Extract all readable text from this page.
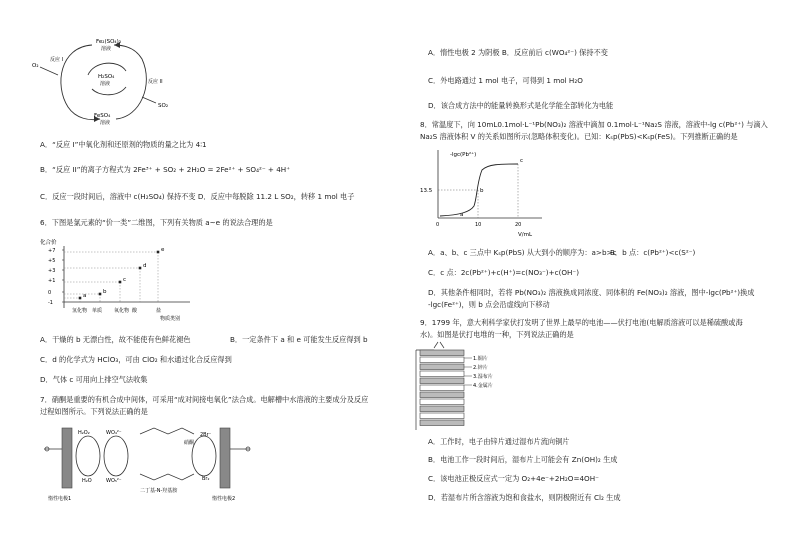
Fe₂(SO₄)₃
溶液
H₂SO₄
溶液
FeSO₄
溶液
O₂
SO₂
反应 I
反应 II
A．“反应 I”中氧化剂和还原剂的物质的量之比为 4∶1
B．“反应 II”的离子方程式为 2Fe³⁺ + SO₂ + 2H₂O = 2Fe²⁺ + SO₄²⁻ + 4H⁺
C．反应一段时间后，溶液中 c(H₂SO₄) 保持不变 D．反应中每脱除 11.2 L SO₂，转移 1 mol 电子
6．下图是氯元素的“价一类”二维图，下列有关物质 a~e 的说法合理的是
化合价
+7
+5
+3
+1
0
-1
a
b
c
d
e
氢化物 单质 氧化物 酸	盐
物质类别
A．干燥的 b 无漂白性，故不能使有色鲜花褪色	B．一定条件下 a 和 e 可能发生反应得到 b
C．d 的化学式为 HClO₃，可由 ClO₂ 和水通过化合反应得到
D．气体 c 可用向上排空气法收集
7．硝酮是重要的有机合成中间体，可采用“成对间接电氧化”法合成。电解槽中水溶液的主要成分及反应
过程如图所示。下列说法正确的是
H₂O₂
H₂O
WO₄²⁻
WO₅²⁻
硝酮
二丁基-N-羟基胺
2Br⁻
Br₂
惰性电极1	惰性电极2
A．惰性电极 2 为阴极 B．反应前后 c(WO₄²⁻) 保持不变
C．外电路通过 1 mol 电子，可得到 1 mol H₂O
D．该合成方法中的能量转换形式是化学能全部转化为电能
8．常温度下，向 10mL0.1mol·L⁻¹Pb(NO₃)₂ 溶液中滴加 0.1mol·L⁻¹Na₂S 溶液，溶液中-lg c(Pb²⁺) 与滴入
Na₂S 溶液体积 V 的关系如图所示(忽略体积变化)。已知：Kₛp(PbS)<Kₛp(FeS)。下列推断正确的是
-lgc(Pb²⁺)
13.5
a
b
c
0	10	20
V/mL
A．a、b、c 三点中 Kₛp(PbS) 从大到小的顺序为：a>b>c
B．b 点：c(Pb²⁺)<c(S²⁻)
C．c 点：2c(Pb²⁺)+c(H⁺)=c(NO₃⁻)+c(OH⁻)
D．其他条件相同时，若将 Pb(NO₃)₂ 溶液换成同浓度、同体积的 Fe(NO₃)₂ 溶液，图中-lgc(Pb²⁺)换成
-lgc(Fe²⁺)，则 b 点会沿虚线向下移动
9．1799 年，意大利科学家伏打发明了世界上最早的电池——伏打电池(电解质溶液可以是稀硫酸或海
水)。如图是伏打电堆的一种，下列说法正确的是
1.铜片
2.锌片
3.湿布片
4.金属片
A．工作时，电子由锌片通过湿布片流向铜片
B．电池工作一段时间后，湿布片上可能会有 Zn(OH)₂ 生成
C．该电池正极反应式一定为 O₂+4e⁻+2H₂O=4OH⁻
D．若湿布片所含溶液为饱和食盐水，则阴极附近有 Cl₂ 生成
